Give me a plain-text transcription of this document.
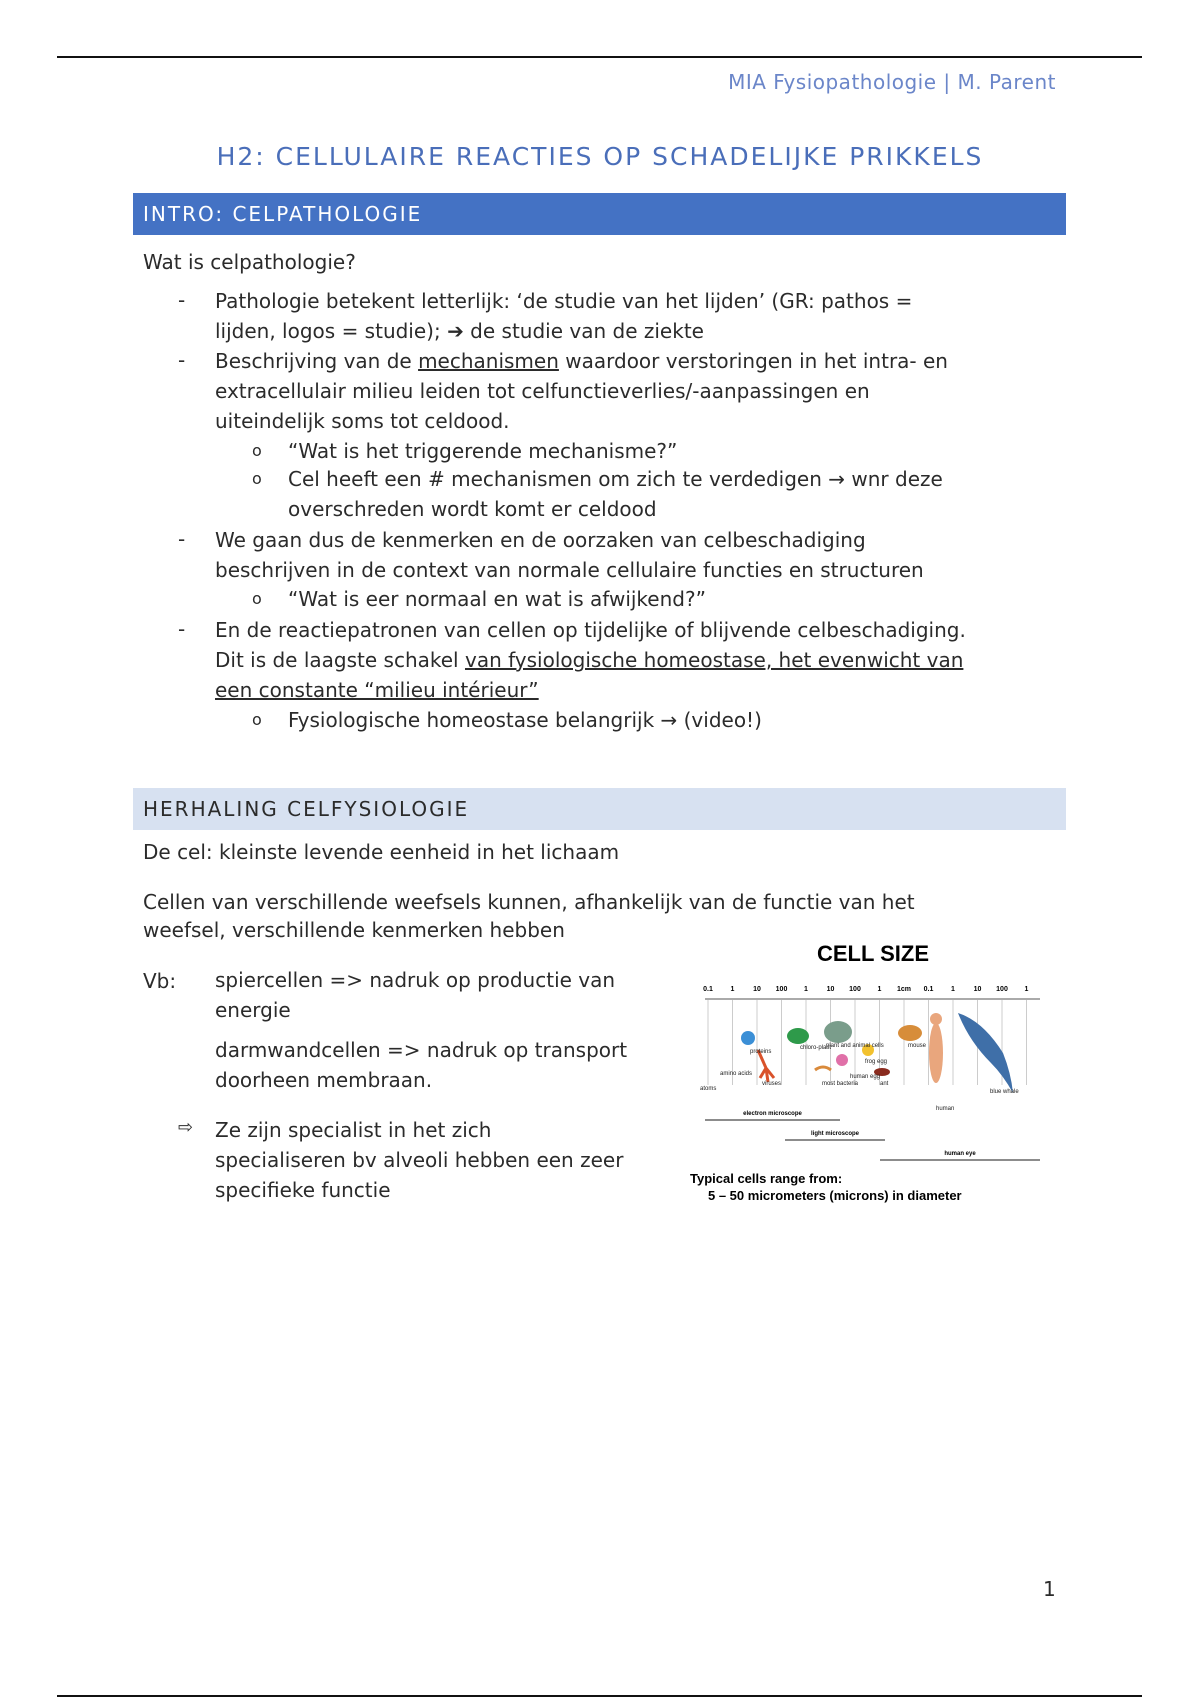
MIA Fysiopathologie | M. Parent
H2: CELLULAIRE REACTIES OP SCHADELIJKE PRIKKELS
INTRO: CELPATHOLOGIE
Wat is celpathologie?
- Pathologie betekent letterlijk: ‘de studie van het lijden’ (GR: pathos =
lijden, logos = studie); ➔ de studie van de ziekte
- Beschrijving van de mechanismen waardoor verstoringen in het intra- en
extracellulair milieu leiden tot celfunctieverlies/-aanpassingen en
uiteindelijk soms tot celdood.
o “Wat is het triggerende mechanisme?”
o Cel heeft een # mechanismen om zich te verdedigen → wnr deze
overschreden wordt komt er celdood
- We gaan dus de kenmerken en de oorzaken van celbeschadiging
beschrijven in de context van normale cellulaire functies en structuren
o “Wat is eer normaal en wat is afwijkend?”
- En de reactiepatronen van cellen op tijdelijke of blijvende celbeschadiging.
Dit is de laagste schakel van fysiologische homeostase, het evenwicht van
een constante “milieu intérieur”
o Fysiologische homeostase belangrijk → (video!)
HERHALING CELFYSIOLOGIE
De cel: kleinste levende eenheid in het lichaam
Cellen van verschillende weefsels kunnen, afhankelijk van de functie van het
weefsel, verschillende kenmerken hebben
Vb: spiercellen => nadruk op productie van
energie
darmwandcellen => nadruk op transport
doorheen membraan.
⇨ Ze zijn specialist in het zich
specialiseren bv alveoli hebben een zeer
specifieke functie
CELL SIZE
0.1	1	10 100 1	10 100 1 1cm 0.1	1	10 100 1
atoms
amino acids
proteins
viruses
chloro-plast
plant and animal cells
most bacteria
frog egg
human egg
ant
mouse
human
blue whale
electron microscope
light microscope
human eye
Typical cells range from:
5 – 50 micrometers (microns) in diameter
1
